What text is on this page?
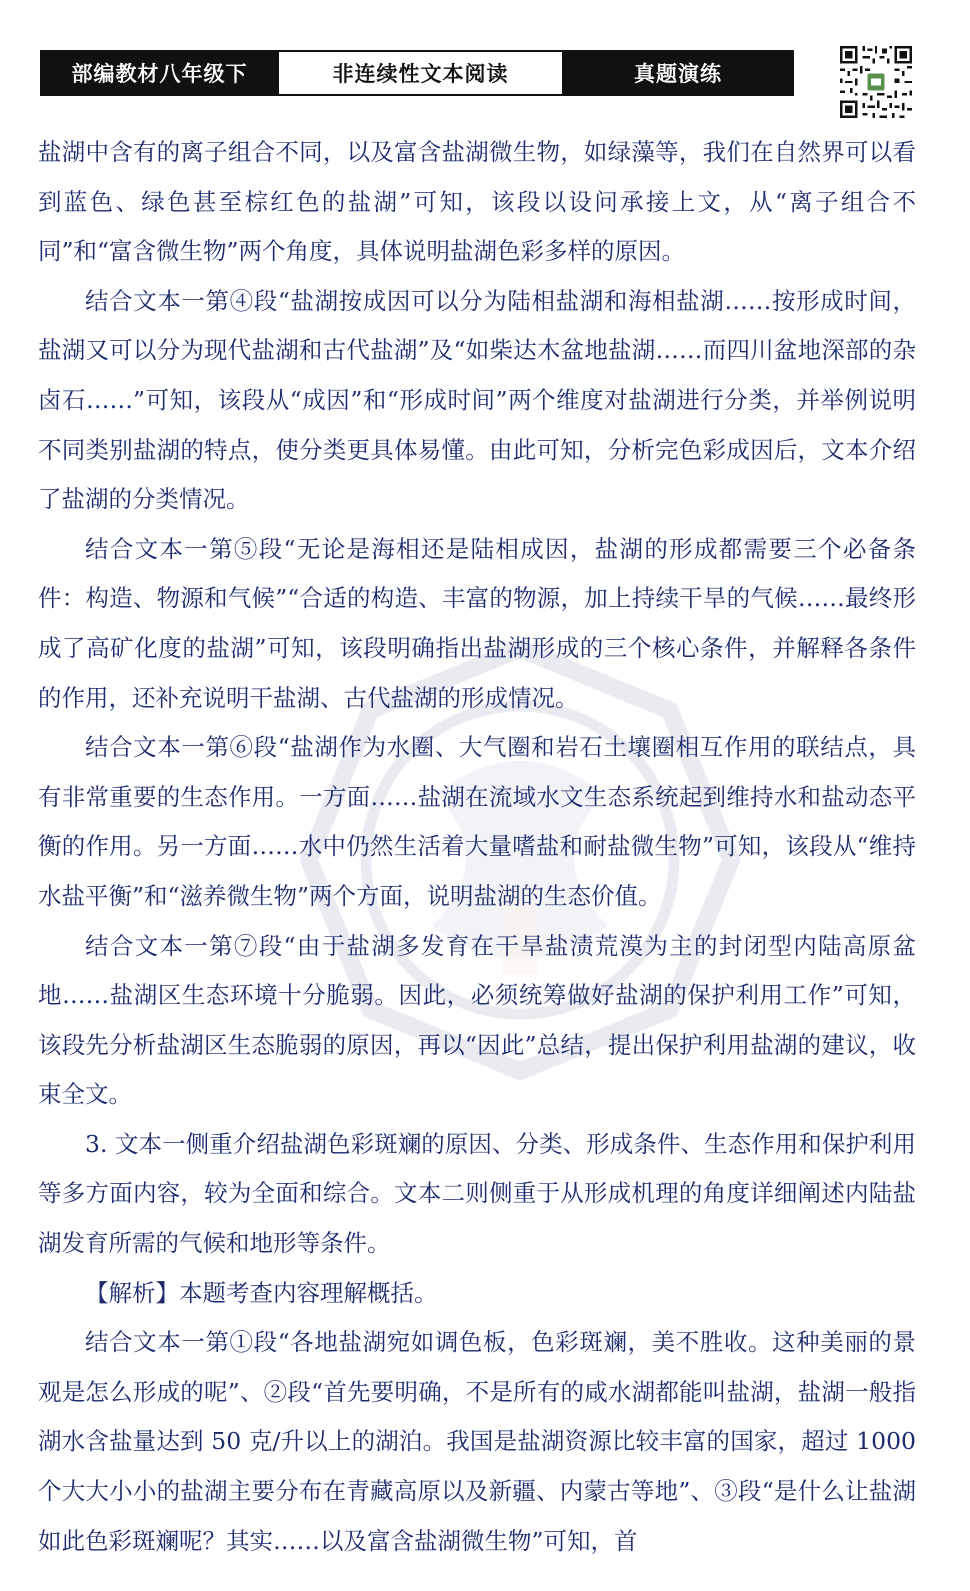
部编教材八年级下	非连续性文本阅读	真题演练

盐湖中含有的离子组合不同，以及富含盐湖微生物，如绿藻等，我们在自然界可以看到蓝色、绿色甚至棕红色的盐湖”可知，该段以设问承接上文，从“离子组合不同”和“富含微生物”两个角度，具体说明盐湖色彩多样的原因。

结合文本一第④段“盐湖按成因可以分为陆相盐湖和海相盐湖……按形成时间，盐湖又可以分为现代盐湖和古代盐湖”及“如柴达木盆地盐湖……而四川盆地深部的杂卤石……”可知，该段从“成因”和“形成时间”两个维度对盐湖进行分类，并举例说明不同类别盐湖的特点，使分类更具体易懂。由此可知，分析完色彩成因后，文本介绍了盐湖的分类情况。

结合文本一第⑤段“无论是海相还是陆相成因，盐湖的形成都需要三个必备条件：构造、物源和气候”“合适的构造、丰富的物源，加上持续干旱的气候……最终形成了高矿化度的盐湖”可知，该段明确指出盐湖形成的三个核心条件，并解释各条件的作用，还补充说明干盐湖、古代盐湖的形成情况。

结合文本一第⑥段“盐湖作为水圈、大气圈和岩石土壤圈相互作用的联结点，具有非常重要的生态作用。一方面……盐湖在流域水文生态系统起到维持水和盐动态平衡的作用。另一方面……水中仍然生活着大量嗜盐和耐盐微生物”可知，该段从“维持水盐平衡”和“滋养微生物”两个方面，说明盐湖的生态价值。

结合文本一第⑦段“由于盐湖多发育在干旱盐渍荒漠为主的封闭型内陆高原盆地……盐湖区生态环境十分脆弱。因此，必须统筹做好盐湖的保护利用工作”可知，该段先分析盐湖区生态脆弱的原因，再以“因此”总结，提出保护利用盐湖的建议，收束全文。

3. 文本一侧重介绍盐湖色彩斑斓的原因、分类、形成条件、生态作用和保护利用等多方面内容，较为全面和综合。文本二则侧重于从形成机理的角度详细阐述内陆盐湖发育所需的气候和地形等条件。

【解析】本题考查内容理解概括。

结合文本一第①段“各地盐湖宛如调色板，色彩斑斓，美不胜收。这种美丽的景观是怎么形成的呢”、②段“首先要明确，不是所有的咸水湖都能叫盐湖，盐湖一般指湖水含盐量达到 50 克/升以上的湖泊。我国是盐湖资源比较丰富的国家，超过 1000 个大大小小的盐湖主要分布在青藏高原以及新疆、内蒙古等地”、③段“是什么让盐湖如此色彩斑斓呢？其实……以及富含盐湖微生物”可知，首
